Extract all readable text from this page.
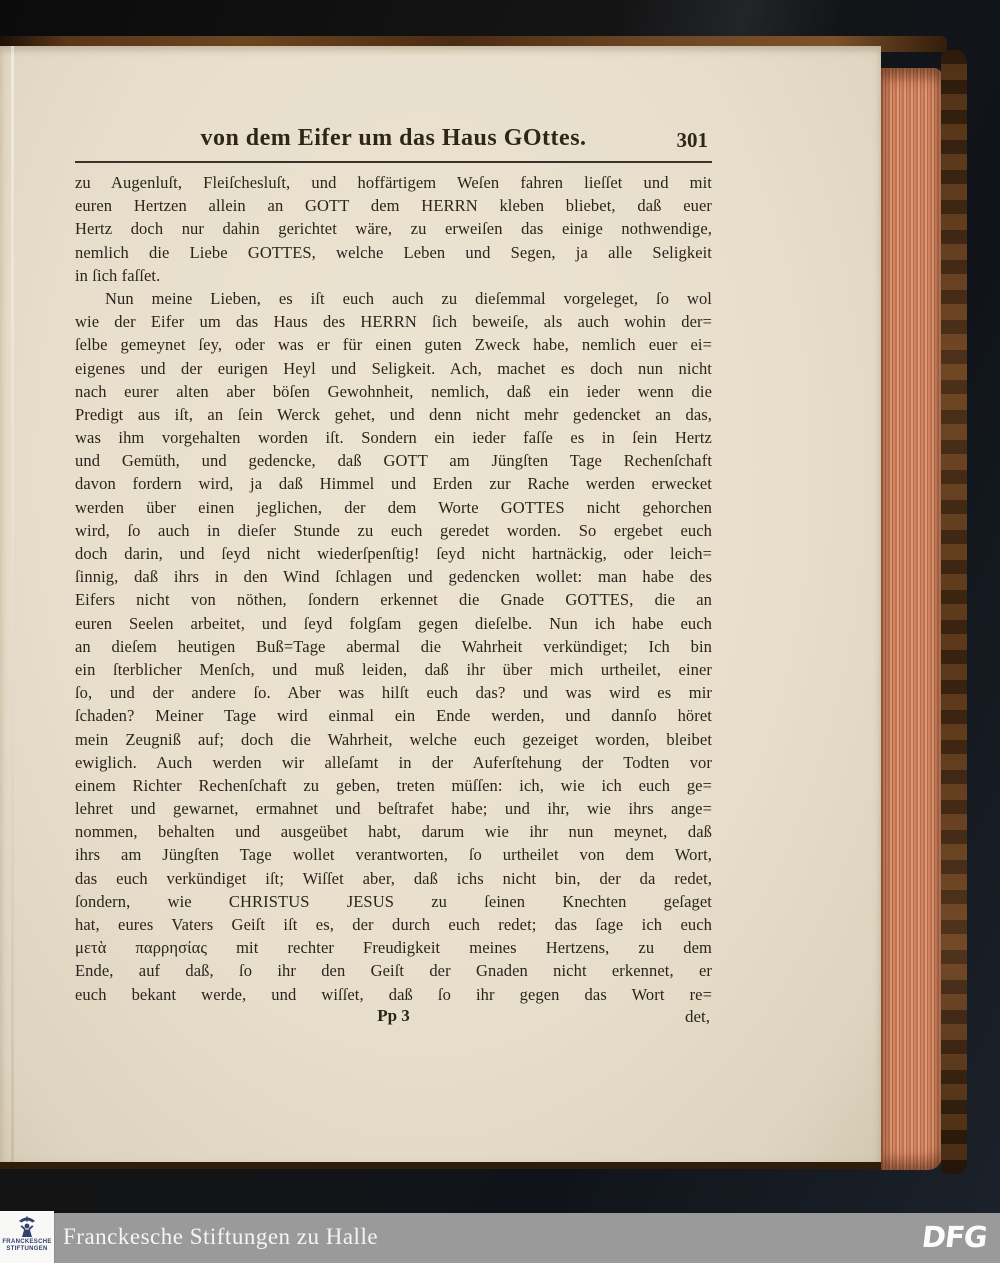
von dem Eifer um das Haus GOttes.	301
zu Augenluſt, Fleiſchesluſt, und hoffärtigem Weſen fahren lieſſet und mit
euren Hertzen allein an GOTT dem HERRN kleben bliebet, daß euer
Hertz doch nur dahin gerichtet wäre, zu erweiſen das einige nothwendige,
nemlich die Liebe GOTTES, welche Leben und Segen, ja alle Seligkeit
in ſich faſſet.
Nun meine Lieben, es iſt euch auch zu dieſemmal vorgeleget, ſo wol
wie der Eifer um das Haus des HERRN ſich beweiſe, als auch wohin der=
ſelbe gemeynet ſey, oder was er für einen guten Zweck habe, nemlich euer ei=
eigenes und der eurigen Heyl und Seligkeit. Ach, machet es doch nun nicht
nach eurer alten aber böſen Gewohnheit, nemlich, daß ein ieder wenn die
Predigt aus iſt, an ſein Werck gehet, und denn nicht mehr gedencket an das,
was ihm vorgehalten worden iſt. Sondern ein ieder faſſe es in ſein Hertz
und Gemüth, und gedencke, daß GOTT am Jüngſten Tage Rechenſchaft
davon fordern wird, ja daß Himmel und Erden zur Rache werden erwecket
werden über einen jeglichen, der dem Worte GOTTES nicht gehorchen
wird, ſo auch in dieſer Stunde zu euch geredet worden. So ergebet euch
doch darin, und ſeyd nicht wiederſpenſtig! ſeyd nicht hartnäckig, oder leich=
ſinnig, daß ihrs in den Wind ſchlagen und gedencken wollet: man habe des
Eifers nicht von nöthen, ſondern erkennet die Gnade GOTTES, die an
euren Seelen arbeitet, und ſeyd folgſam gegen dieſelbe. Nun ich habe euch
an dieſem heutigen Buß=Tage abermal die Wahrheit verkündiget; Ich bin
ein ſterblicher Menſch, und muß leiden, daß ihr über mich urtheilet, einer
ſo, und der andere ſo. Aber was hilſt euch das? und was wird es mir
ſchaden? Meiner Tage wird einmal ein Ende werden, und dannſo höret
mein Zeugniß auf; doch die Wahrheit, welche euch gezeiget worden, bleibet
ewiglich. Auch werden wir alleſamt in der Auferſtehung der Todten vor
einem Richter Rechenſchaft zu geben, treten müſſen: ich, wie ich euch ge=
lehret und gewarnet, ermahnet und beſtrafet habe; und ihr, wie ihrs ange=
nommen, behalten und ausgeübet habt, darum wie ihr nun meynet, daß
ihrs am Jüngſten Tage wollet verantworten, ſo urtheilet von dem Wort,
das euch verkündiget iſt; Wiſſet aber, daß ichs nicht bin, der da redet,
ſondern, wie CHRISTUS JESUS zu ſeinen Knechten geſaget
hat, eures Vaters Geiſt iſt es, der durch euch redet; das ſage ich euch
μετὰ παρρησίας mit rechter Freudigkeit meines Hertzens, zu dem
Ende, auf daß, ſo ihr den Geiſt der Gnaden nicht erkennet, er
euch bekant werde, und wiſſet, daß ſo ihr gegen das Wort re=
Pp 3	det,
Franckesche Stiftungen zu Halle	DFG
FRANCKESCHE
STIFTUNGEN
